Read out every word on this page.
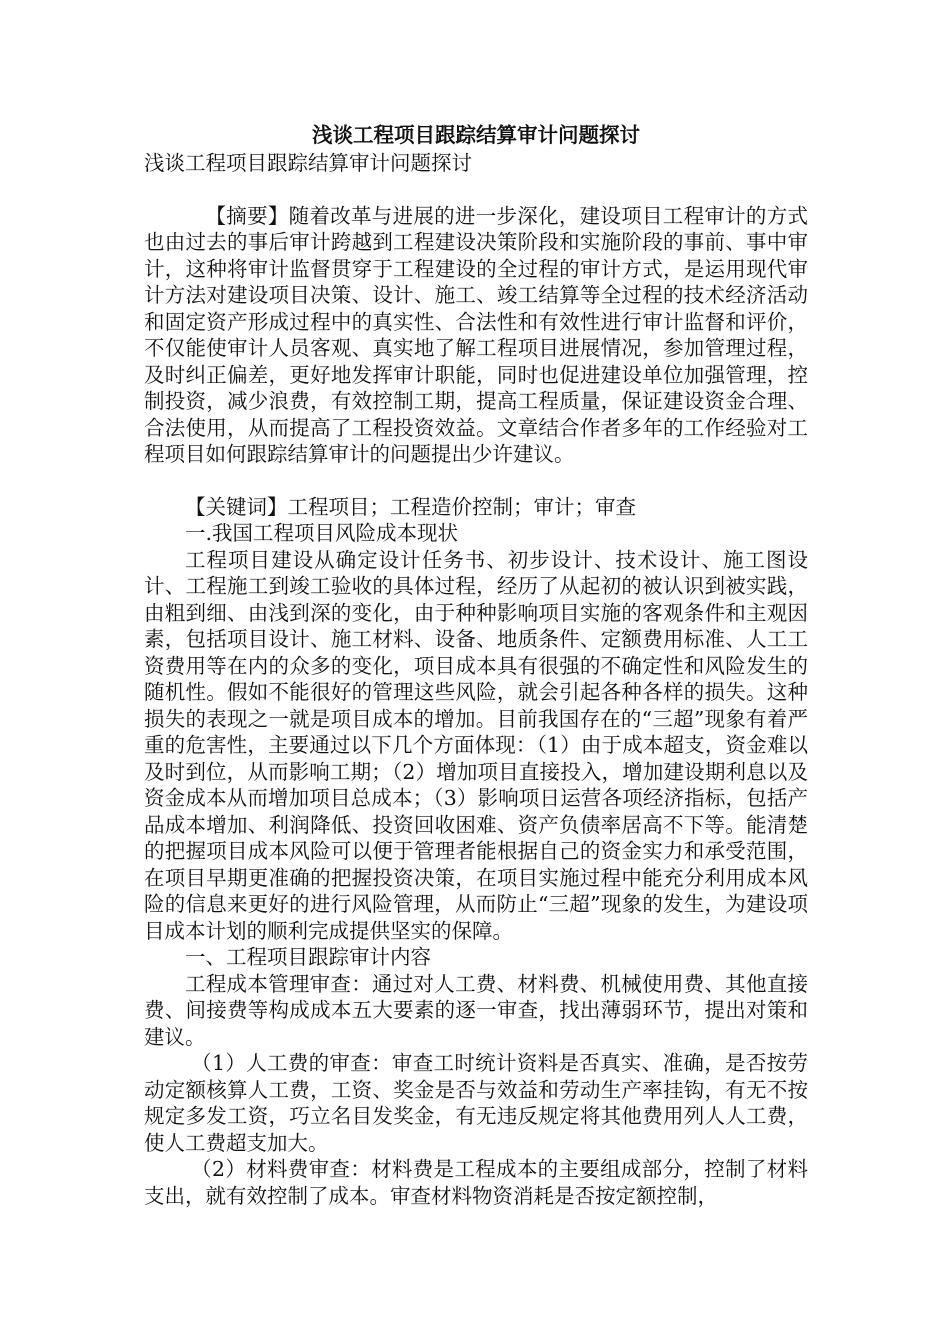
浅谈工程项目跟踪结算审计问题探讨

浅谈工程项目跟踪结算审计问题探讨

【摘要】随着改革与进展的进一步深化，建设项目工程审计的方式也由过去的事后审计跨越到工程建设决策阶段和实施阶段的事前、事中审计，这种将审计监督贯穿于工程建设的全过程的审计方式，是运用现代审计方法对建设项目决策、设计、施工、竣工结算等全过程的技术经济活动和固定资产形成过程中的真实性、合法性和有效性进行审计监督和评价，不仅能使审计人员客观、真实地了解工程项目进展情况，参加管理过程，及时纠正偏差，更好地发挥审计职能，同时也促进建设单位加强管理，控制投资，减少浪费，有效控制工期，提高工程质量，保证建设资金合理、合法使用，从而提高了工程投资效益。文章结合作者多年的工作经验对工程项目如何跟踪结算审计的问题提出少许建议。

【关键词】工程项目；工程造价控制；审计；审查

一.我国工程项目风险成本现状

工程项目建设从确定设计任务书、初步设计、技术设计、施工图设计、工程施工到竣工验收的具体过程，经历了从起初的被认识到被实践，由粗到细、由浅到深的变化，由于种种影响项目实施的客观条件和主观因素，包括项目设计、施工材料、设备、地质条件、定额费用标准、人工工资费用等在内的众多的变化，项目成本具有很强的不确定性和风险发生的随机性。假如不能很好的管理这些风险，就会引起各种各样的损失。这种损失的表现之一就是项目成本的增加。目前我国存在的“三超”现象有着严重的危害性，主要通过以下几个方面体现：（1）由于成本超支，资金难以及时到位，从而影响工期；（2）增加项目直接投入，增加建设期利息以及资金成本从而增加项目总成本；（3）影响项日运营各项经济指标，包括产品成本增加、利润降低、投资回收困难、资产负债率居高不下等。能清楚的把握项目成本风险可以便于管理者能根据自己的资金实力和承受范围，在项目早期更准确的把握投资决策，在项目实施过程中能充分利用成本风险的信息来更好的进行风险管理，从而防止“三超”现象的发生，为建设项目成本计划的顺利完成提供坚实的保障。

一、工程项目跟踪审计内容

工程成本管理审查：通过对人工费、材料费、机械使用费、其他直接费、间接费等构成成本五大要素的逐一审查，找出薄弱环节，提出对策和建议。

（1）人工费的审查：审查工时统计资料是否真实、准确，是否按劳动定额核算人工费，工资、奖金是否与效益和劳动生产率挂钩，有无不按规定多发工资，巧立名目发奖金，有无违反规定将其他费用列人人工费，使人工费超支加大。

（2）材料费审查：材料费是工程成本的主要组成部分，控制了材料支出，就有效控制了成本。审查材料物资消耗是否按定额控制，
